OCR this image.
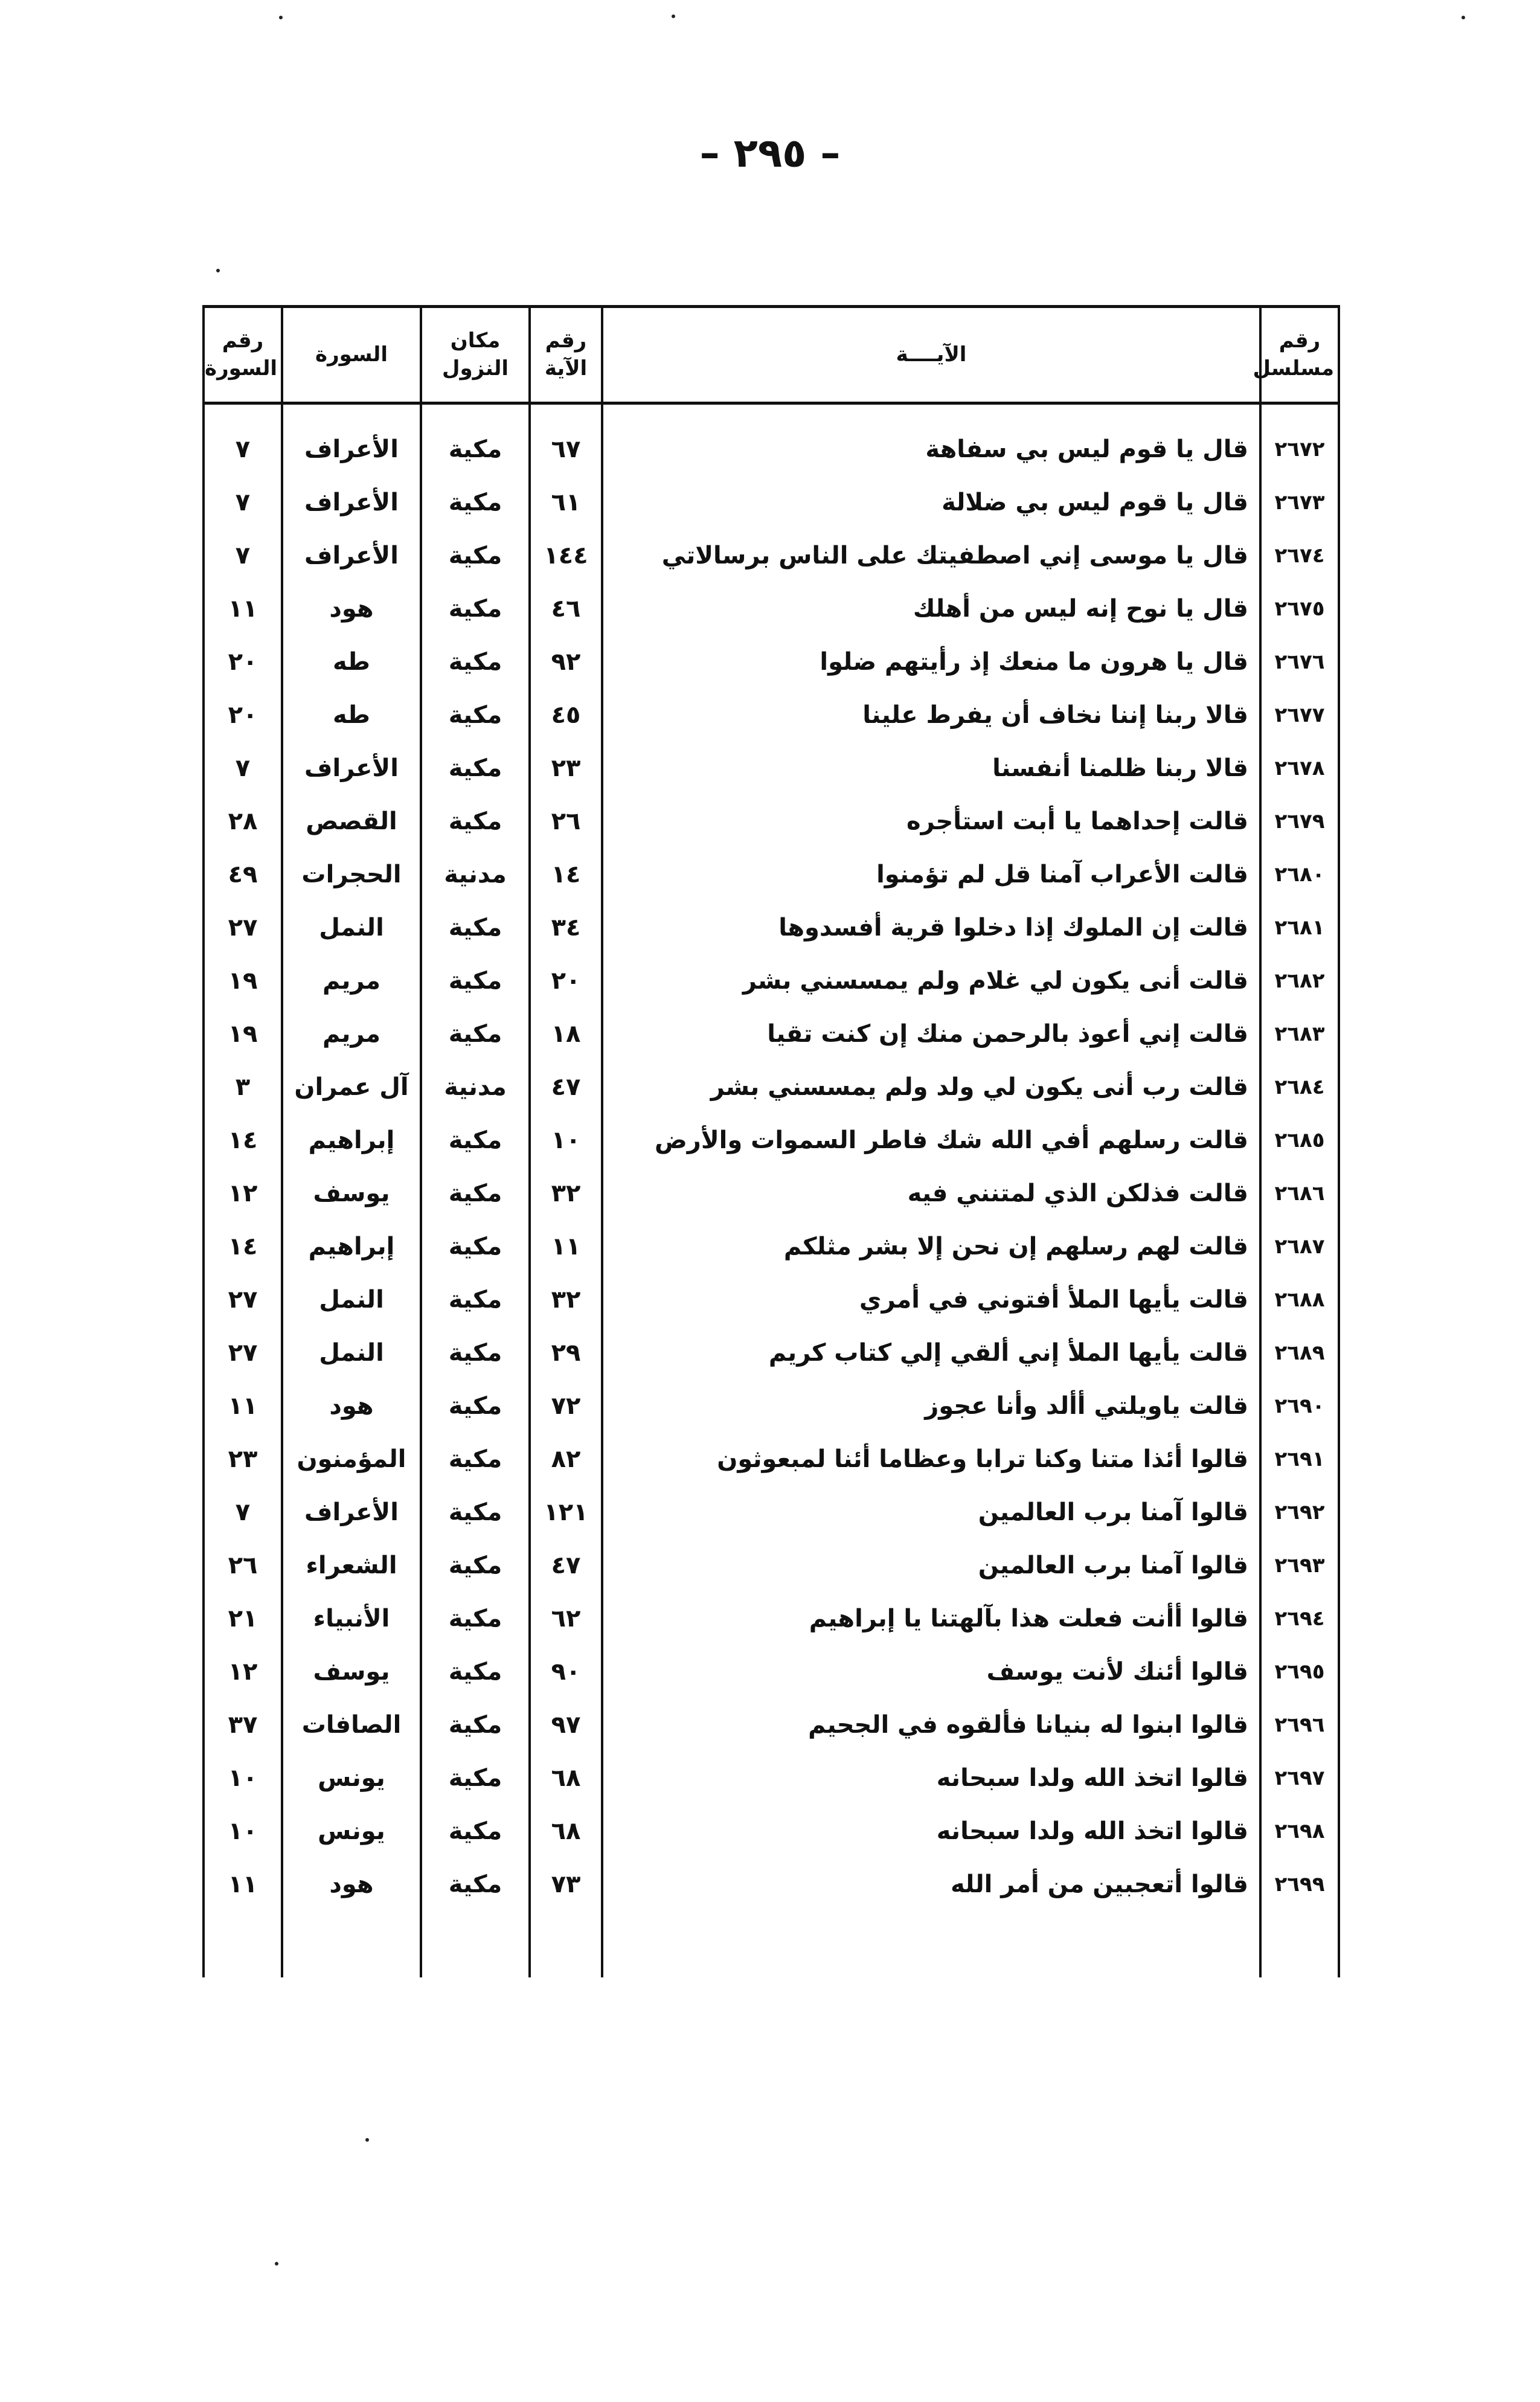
– ٢٩٥ –
رقم مسلسل	الآيــــة	رقم الآية	مكان النزول	السورة	رقم السورة
٢٦٧٢	قال يا قوم ليس بي سفاهة	٦٧	مكية	الأعراف	٧
٢٦٧٣	قال يا قوم ليس بي ضلالة	٦١	مكية	الأعراف	٧
٢٦٧٤	قال يا موسى إني اصطفيتك على الناس برسالاتي	١٤٤	مكية	الأعراف	٧
٢٦٧٥	قال يا نوح إنه ليس من أهلك	٤٦	مكية	هود	١١
٢٦٧٦	قال يا هرون ما منعك إذ رأيتهم ضلوا	٩٢	مكية	طه	٢٠
٢٦٧٧	قالا ربنا إننا نخاف أن يفرط علينا	٤٥	مكية	طه	٢٠
٢٦٧٨	قالا ربنا ظلمنا أنفسنا	٢٣	مكية	الأعراف	٧
٢٦٧٩	قالت إحداهما يا أبت استأجره	٢٦	مكية	القصص	٢٨
٢٦٨٠	قالت الأعراب آمنا قل لم تؤمنوا	١٤	مدنية	الحجرات	٤٩
٢٦٨١	قالت إن الملوك إذا دخلوا قرية أفسدوها	٣٤	مكية	النمل	٢٧
٢٦٨٢	قالت أنى يكون لي غلام ولم يمسسني بشر	٢٠	مكية	مريم	١٩
٢٦٨٣	قالت إني أعوذ بالرحمن منك إن كنت تقيا	١٨	مكية	مريم	١٩
٢٦٨٤	قالت رب أنى يكون لي ولد ولم يمسسني بشر	٤٧	مدنية	آل عمران	٣
٢٦٨٥	قالت رسلهم أفي الله شك فاطر السموات والأرض	١٠	مكية	إبراهيم	١٤
٢٦٨٦	قالت فذلكن الذي لمتنني فيه	٣٢	مكية	يوسف	١٢
٢٦٨٧	قالت لهم رسلهم إن نحن إلا بشر مثلكم	١١	مكية	إبراهيم	١٤
٢٦٨٨	قالت يأيها الملأ أفتوني في أمري	٣٢	مكية	النمل	٢٧
٢٦٨٩	قالت يأيها الملأ إني ألقي إلي كتاب كريم	٢٩	مكية	النمل	٢٧
٢٦٩٠	قالت ياويلتي أألد وأنا عجوز	٧٢	مكية	هود	١١
٢٦٩١	قالوا أئذا متنا وكنا ترابا وعظاما أئنا لمبعوثون	٨٢	مكية	المؤمنون	٢٣
٢٦٩٢	قالوا آمنا برب العالمين	١٢١	مكية	الأعراف	٧
٢٦٩٣	قالوا آمنا برب العالمين	٤٧	مكية	الشعراء	٢٦
٢٦٩٤	قالوا أأنت فعلت هذا بآلهتنا يا إبراهيم	٦٢	مكية	الأنبياء	٢١
٢٦٩٥	قالوا أئنك لأنت يوسف	٩٠	مكية	يوسف	١٢
٢٦٩٦	قالوا ابنوا له بنيانا فألقوه في الجحيم	٩٧	مكية	الصافات	٣٧
٢٦٩٧	قالوا اتخذ الله ولدا سبحانه	٦٨	مكية	يونس	١٠
٢٦٩٨	قالوا اتخذ الله ولدا سبحانه	٦٨	مكية	يونس	١٠
٢٦٩٩	قالوا أتعجبين من أمر الله	٧٣	مكية	هود	١١
